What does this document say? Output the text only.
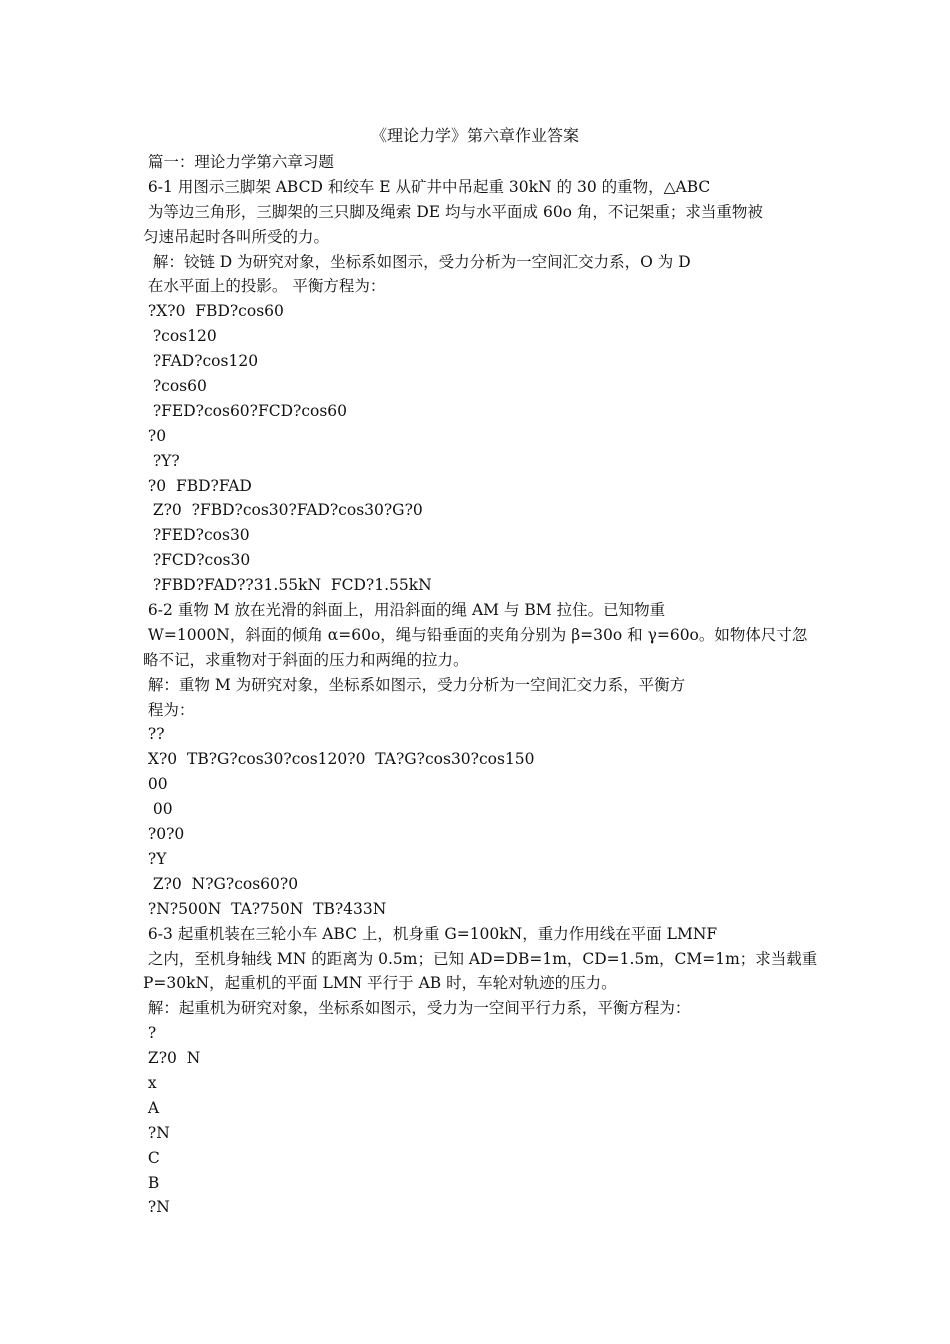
《理论力学》第六章作业答案
篇一：理论力学第六章习题
6-1 用图示三脚架 ABCD 和绞车 E 从矿井中吊起重 30kN 的 30 的重物，△ABC
为等边三角形，三脚架的三只脚及绳索 DE 均与水平面成 60o 角，不记架重；求当重物被
匀速吊起时各叫所受的力。
解：铰链 D 为研究对象，坐标系如图示，受力分析为一空间汇交力系，O 为 D
在水平面上的投影。 平衡方程为：
?X?0  FBD?cos60
?cos120
?FAD?cos120
?cos60
?FED?cos60?FCD?cos60
?0
?Y?
?0  FBD?FAD
Z?0  ?FBD?cos30?FAD?cos30?G?0
?FED?cos30
?FCD?cos30
?FBD?FAD??31.55kN  FCD?1.55kN
6-2 重物 M 放在光滑的斜面上，用沿斜面的绳 AM 与 BM 拉住。已知物重
W=1000N，斜面的倾角 α=60o，绳与铅垂面的夹角分别为 β=30o 和 γ=60o。如物体尺寸忽
略不记，求重物对于斜面的压力和两绳的拉力。
解：重物 M 为研究对象，坐标系如图示，受力分析为一空间汇交力系，平衡方
程为：
??
X?0  TB?G?cos30?cos120?0  TA?G?cos30?cos150
00
00
?0?0
?Y
Z?0  N?G?cos60?0
?N?500N  TA?750N  TB?433N
6-3 起重机装在三轮小车 ABC 上，机身重 G=100kN，重力作用线在平面 LMNF
之内，至机身轴线 MN 的距离为 0.5m；已知 AD=DB=1m，CD=1.5m，CM=1m；求当载重
P=30kN，起重机的平面 LMN 平行于 AB 时，车轮对轨迹的压力。
解：起重机为研究对象，坐标系如图示，受力为一空间平行力系，平衡方程为：
?
Z?0  N
x
A
?N
C
B
?N
